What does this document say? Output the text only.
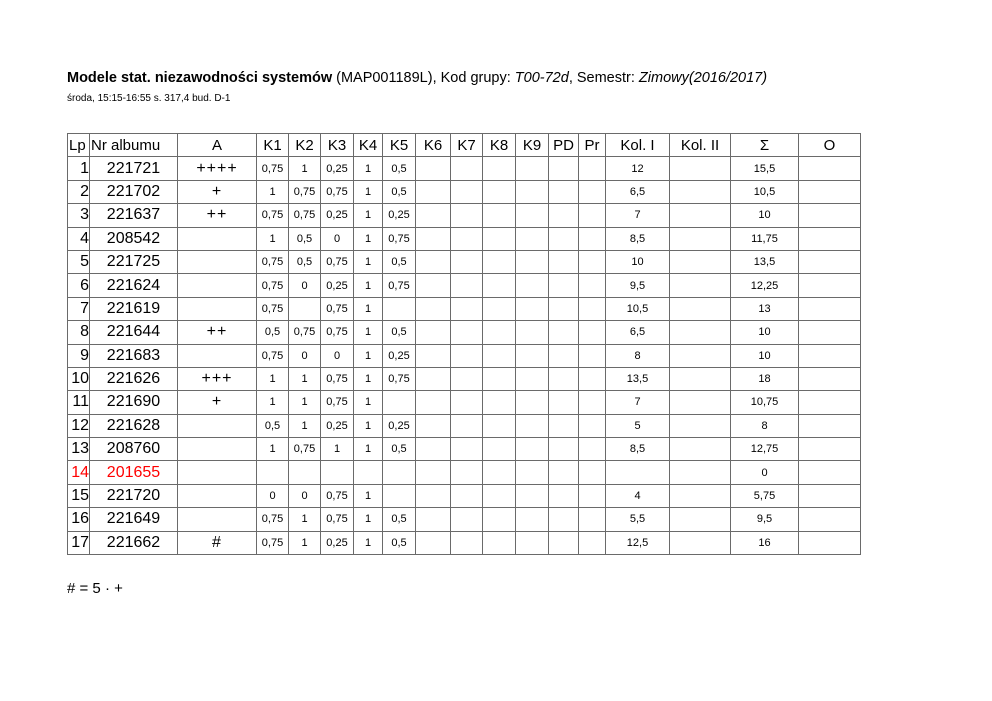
Modele stat. niezawodności systemów (MAP001189L), Kod grupy: T00-72d, Semestr: Zimowy(2016/2017)
środa, 15:15-16:55 s. 317,4 bud. D-1
Lp	Nr albumu	A	K1	K2	K3	K4	K5	K6	K7	K8	K9	PD	Pr	Kol. I	Kol. II	Σ	O
1	221721	++++	0,75	1	0,25	1	0,5							12		15,5	
2	221702	+	1	0,75	0,75	1	0,5							6,5		10,5	
3	221637	++	0,75	0,75	0,25	1	0,25							7		10	
4	208542		1	0,5	0	1	0,75							8,5		11,75	
5	221725		0,75	0,5	0,75	1	0,5							10		13,5	
6	221624		0,75	0	0,25	1	0,75							9,5		12,25	
7	221619		0,75		0,75	1								10,5		13	
8	221644	++	0,5	0,75	0,75	1	0,5							6,5		10	
9	221683		0,75	0	0	1	0,25							8		10	
10	221626	+++	1	1	0,75	1	0,75							13,5		18	
11	221690	+	1	1	0,75	1								7		10,75	
12	221628		0,5	1	0,25	1	0,25							5		8	
13	208760		1	0,75	1	1	0,5							8,5		12,75	
14	201655															0	
15	221720		0	0	0,75	1								4		5,75	
16	221649		0,75	1	0,75	1	0,5							5,5		9,5	
17	221662	#	0,75	1	0,25	1	0,5							12,5		16	
# = 5 · +
